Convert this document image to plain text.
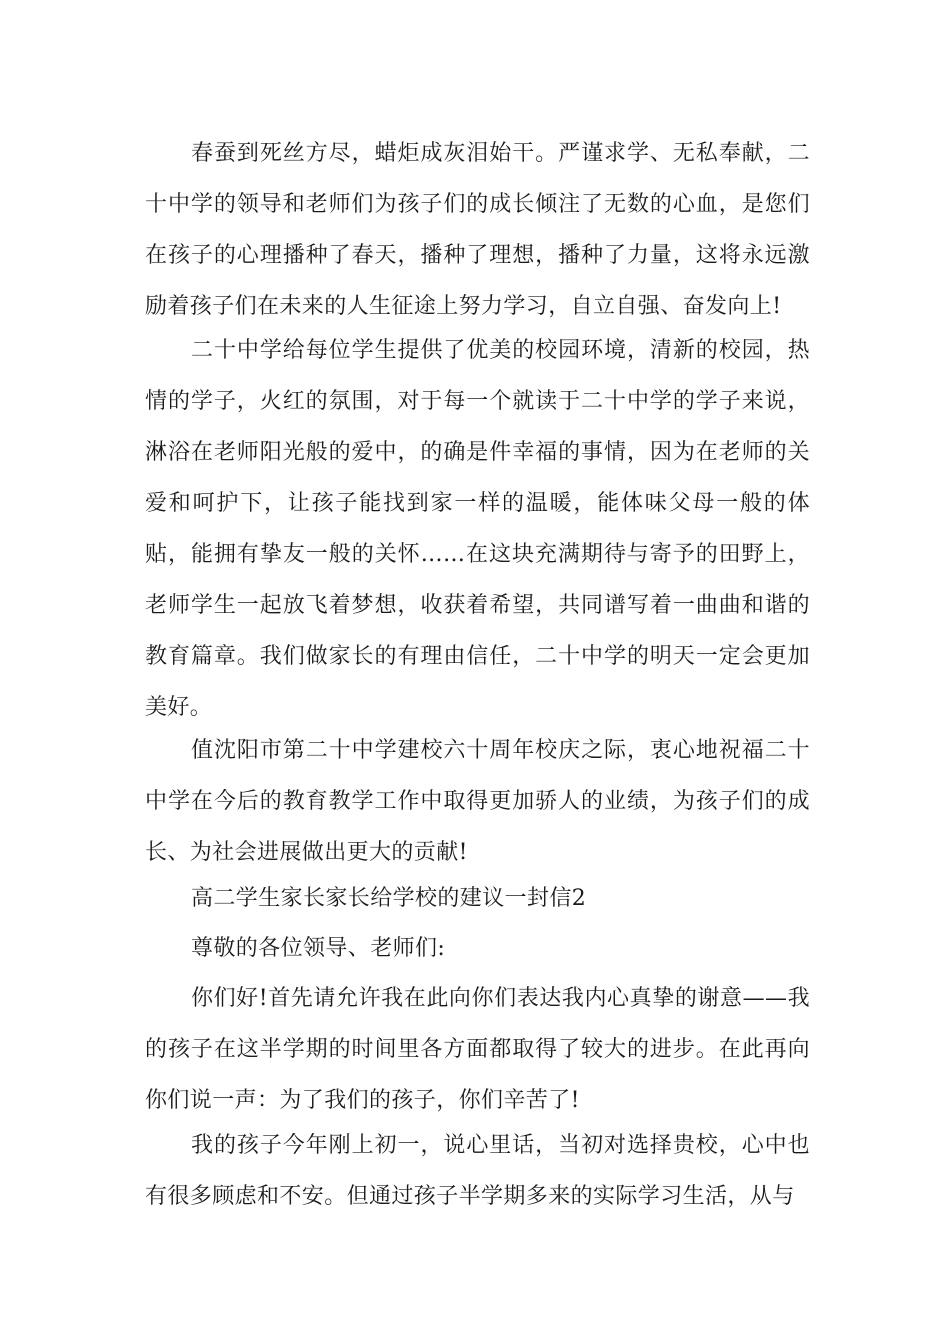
春蚕到死丝方尽，蜡炬成灰泪始干。严谨求学、无私奉献，二十中学的领导和老师们为孩子们的成长倾注了无数的心血，是您们在孩子的心理播种了春天，播种了理想，播种了力量，这将永远激励着孩子们在未来的人生征途上努力学习，自立自强、奋发向上!

二十中学给每位学生提供了优美的校园环境，清新的校园，热情的学子，火红的氛围，对于每一个就读于二十中学的学子来说，淋浴在老师阳光般的爱中，的确是件幸福的事情，因为在老师的关爱和呵护下，让孩子能找到家一样的温暖，能体味父母一般的体贴，能拥有挚友一般的关怀……在这块充满期待与寄予的田野上，老师学生一起放飞着梦想，收获着希望，共同谱写着一曲曲和谐的教育篇章。我们做家长的有理由信任，二十中学的明天一定会更加美好。

值沈阳市第二十中学建校六十周年校庆之际，衷心地祝福二十中学在今后的教育教学工作中取得更加骄人的业绩，为孩子们的成长、为社会进展做出更大的贡献!

高二学生家长家长给学校的建议一封信2

尊敬的各位领导、老师们:

你们好!首先请允许我在此向你们表达我内心真挚的谢意——我的孩子在这半学期的时间里各方面都取得了较大的进步。在此再向你们说一声：为了我们的孩子，你们辛苦了!

我的孩子今年刚上初一，说心里话，当初对选择贵校，心中也有很多顾虑和不安。但通过孩子半学期多来的实际学习生活，从与
